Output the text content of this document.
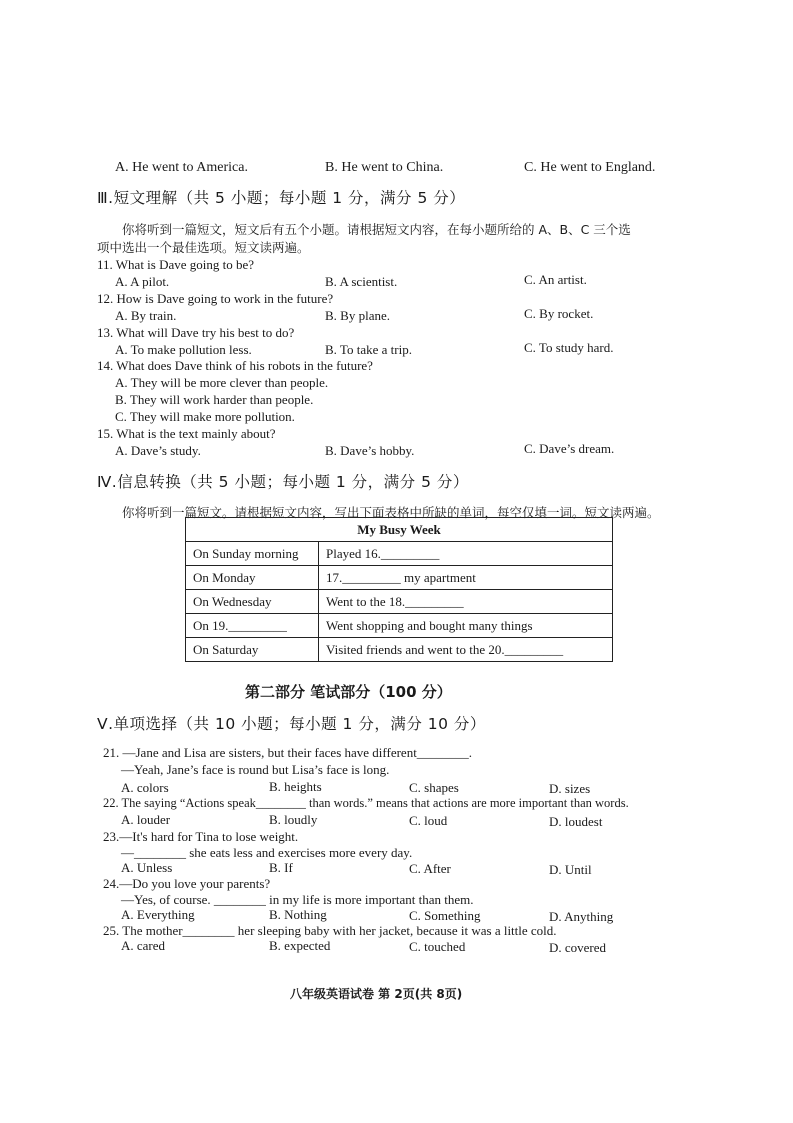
A. He went to America.	B. He went to China.	C. He went to England.
Ⅲ.短文理解（共 5 小题；每小题 1 分，满分 5 分）
你将听到一篇短文，短文后有五个小题。请根据短文内容，在每小题所给的 A、B、C 三个选
项中选出一个最佳选项。短文读两遍。
11. What is Dave going to be?
A. A pilot.	B. A scientist.	C. An artist.
12. How is Dave going to work in the future?
A. By train.	B. By plane.	C. By rocket.
13. What will Dave try his best to do?
A. To make pollution less.	B. To take a trip.	C. To study hard.
14. What does Dave think of his robots in the future?
A. They will be more clever than people.
B. They will work harder than people.
C. They will make more pollution.
15. What is the text mainly about?
A. Dave’s study.	B. Dave’s hobby.	C. Dave’s dream.
Ⅳ.信息转换（共 5 小题；每小题 1 分，满分 5 分）
你将听到一篇短文。请根据短文内容，写出下面表格中所缺的单词，每空仅填一词。短文读两遍。
My Busy Week	
On Sunday morning	Played 16._________
On Monday	17._________ my apartment
On Wednesday	Went to the 18._________
On 19._________	Went shopping and bought many things
On Saturday	Visited friends and went to the 20._________
第二部分 笔试部分（100 分）
Ⅴ.单项选择（共 10 小题；每小题 1 分，满分 10 分）
21. —Jane and Lisa are sisters, but their faces have different________.
—Yeah, Jane’s face is round but Lisa’s face is long.
A. colors	B. heights	C. shapes	D. sizes
22. The saying “Actions speak________ than words.” means that actions are more important than words.
A. louder	B. loudly	C. loud	D. loudest
23.—It's hard for Tina to lose weight.
—________ she eats less and exercises more every day.
A. Unless	B. If	C. After	D. Until
24.—Do you love your parents?
—Yes, of course. ________ in my life is more important than them.
A. Everything	B. Nothing	C. Something	D. Anything
25. The mother________ her sleeping baby with her jacket, because it was a little cold.
A. cared	B. expected	C. touched	D. covered
八年级英语试卷 第 2页(共 8页)
